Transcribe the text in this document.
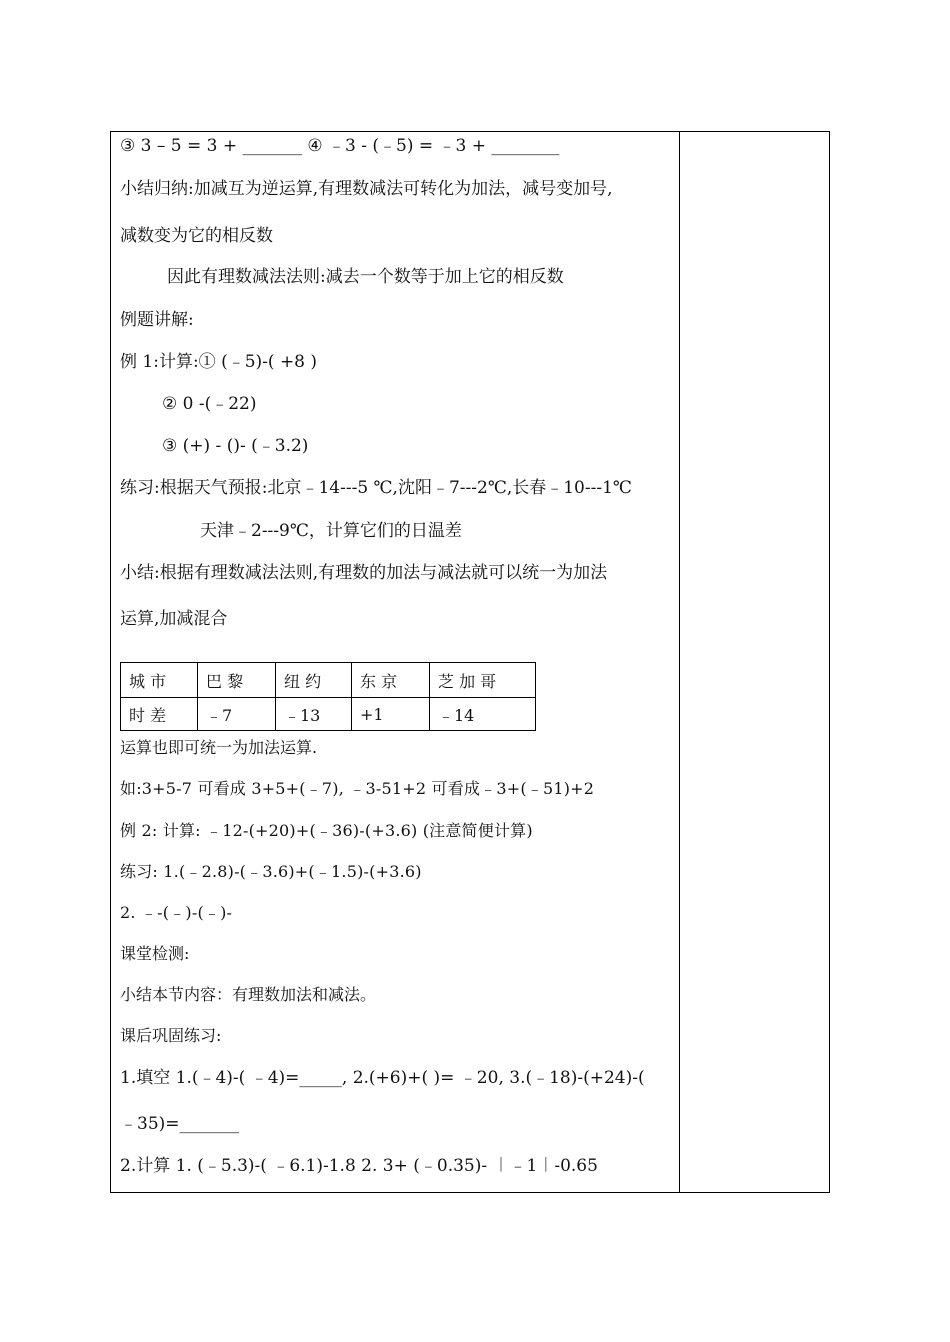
③ 3 – 5 = 3 + _______ ④ ﹣3 - (﹣5) = ﹣3 + ________
小结归纳:加减互为逆运算,有理数减法可转化为加法，减号变加号,
减数变为它的相反数
因此有理数减法法则:减去一个数等于加上它的相反数
例题讲解:
例 1:计算:① (﹣5)-( +8 )
② 0 -(﹣22)
③ (+) - ()- (﹣3.2)
练习:根据天气预报:北京﹣14---5 ℃,沈阳﹣7---2℃,长春﹣10---1℃
天津﹣2---9℃，计算它们的日温差
小结:根据有理数减法法则,有理数的加法与减法就可以统一为加法
运算,加减混合
运算也即可统一为加法运算.
如:3+5-7 可看成 3+5+(﹣7), ﹣3-51+2 可看成﹣3+(﹣51)+2
例 2: 计算: ﹣12-(+20)+(﹣36)-(+3.6) (注意简便计算)
练习: 1.(﹣2.8)-(﹣3.6)+(﹣1.5)-(+3.6)
2. ﹣-(﹣)-(﹣)-
课堂检测:
小结本节内容：有理数加法和减法。
课后巩固练习:
1.填空 1.(﹣4)-( ﹣4)=_____, 2.(+6)+( )= ﹣20, 3.(﹣18)-(+24)-(
﹣35)=_______
2.计算 1. (﹣5.3)-( ﹣6.1)-1.8 2. 3+ (﹣0.35)- ︱﹣1︱-0.65
城 市	巴 黎	纽 约	东 京	芝 加 哥
时 差	﹣7	﹣13	+1	﹣14
